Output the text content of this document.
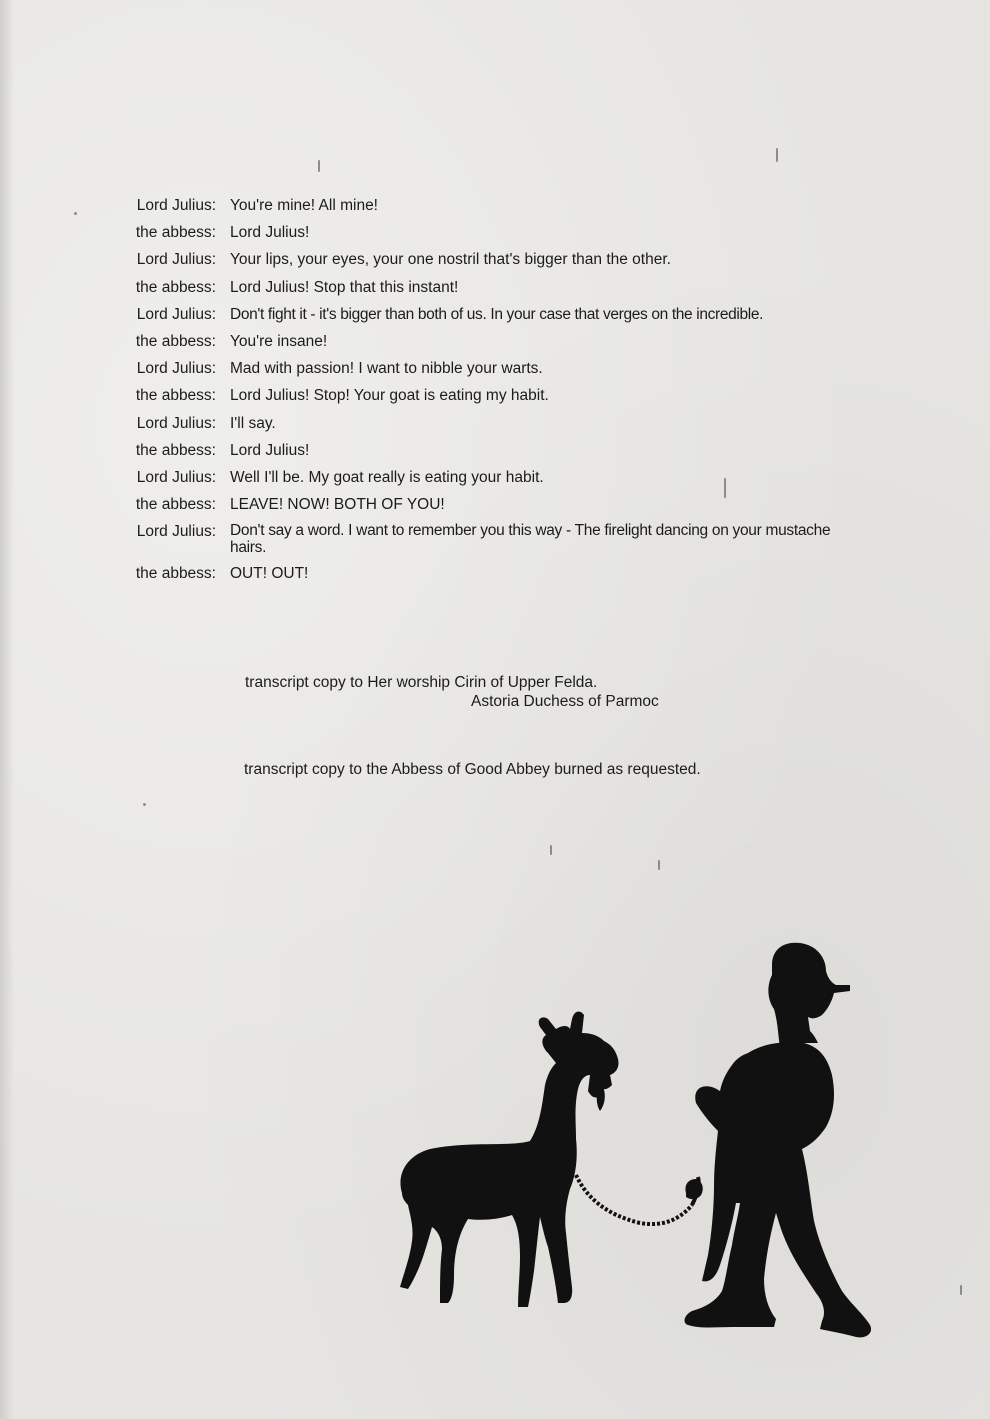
Lord Julius: You're mine! All mine!
the abbess: Lord Julius!
Lord Julius: Your lips, your eyes, your one nostril that's bigger than the other.
the abbess: Lord Julius! Stop that this instant!
Lord Julius: Don't fight it - it's bigger than both of us. In your case that verges on the incredible.
the abbess: You're insane!
Lord Julius: Mad with passion! I want to nibble your warts.
the abbess: Lord Julius! Stop! Your goat is eating my habit.
Lord Julius: I'll say.
the abbess: Lord Julius!
Lord Julius: Well I'll be. My goat really is eating your habit.
the abbess: LEAVE! NOW! BOTH OF YOU!
Lord Julius: Don't say a word. I want to remember you this way - The firelight dancing on your mustache hairs.
the abbess: OUT! OUT!
transcript copy to Her worship Cirin of Upper Felda.
Astoria Duchess of Parmoc
transcript copy to the Abbess of Good Abbey burned as requested.
